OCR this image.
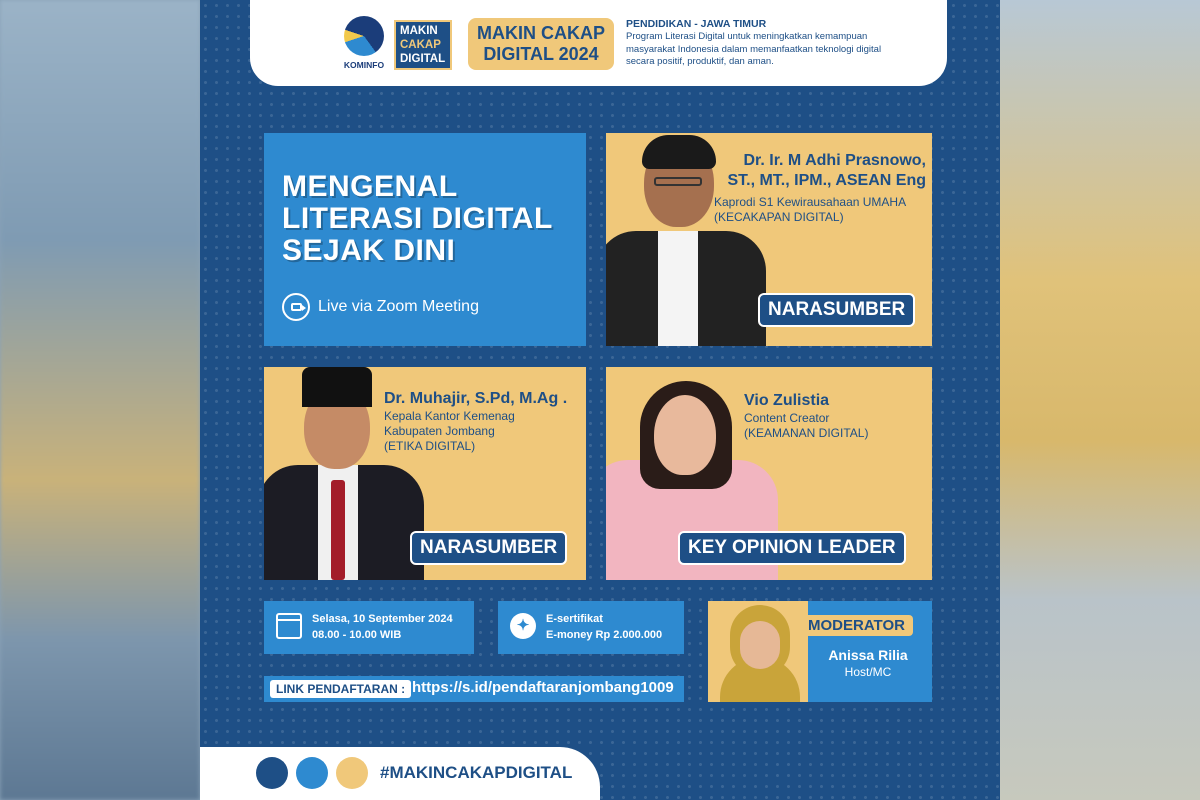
KOMINFO
MAKIN
CAKAP
DIGITAL
MAKIN CAKAP
DIGITAL 2024
PENDIDIKAN - JAWA TIMUR
Program Literasi Digital untuk meningkatkan kemampuan masyarakat Indonesia dalam memanfaatkan teknologi digital secara positif, produktif, dan aman.
MENGENAL
LITERASI DIGITAL
SEJAK DINI
Live via Zoom Meeting
Dr. Ir. M Adhi Prasnowo,
ST., MT., IPM., ASEAN Eng
Kaprodi S1 Kewirausahaan UMAHA
(KECAKAPAN DIGITAL)
NARASUMBER
Dr. Muhajir, S.Pd, M.Ag .
Kepala Kantor Kemenag
Kabupaten Jombang
(ETIKA DIGITAL)
NARASUMBER
Vio Zulistia
Content Creator
(KEAMANAN DIGITAL)
KEY OPINION LEADER
Selasa, 10 September 2024
08.00 - 10.00 WIB
✦	E-sertifikat
E-money Rp 2.000.000
LINK PENDAFTARAN : https://s.id/pendaftaranjombang1009
MODERATOR
Anissa Rilia
Host/MC
#MAKINCAKAPDIGITAL
